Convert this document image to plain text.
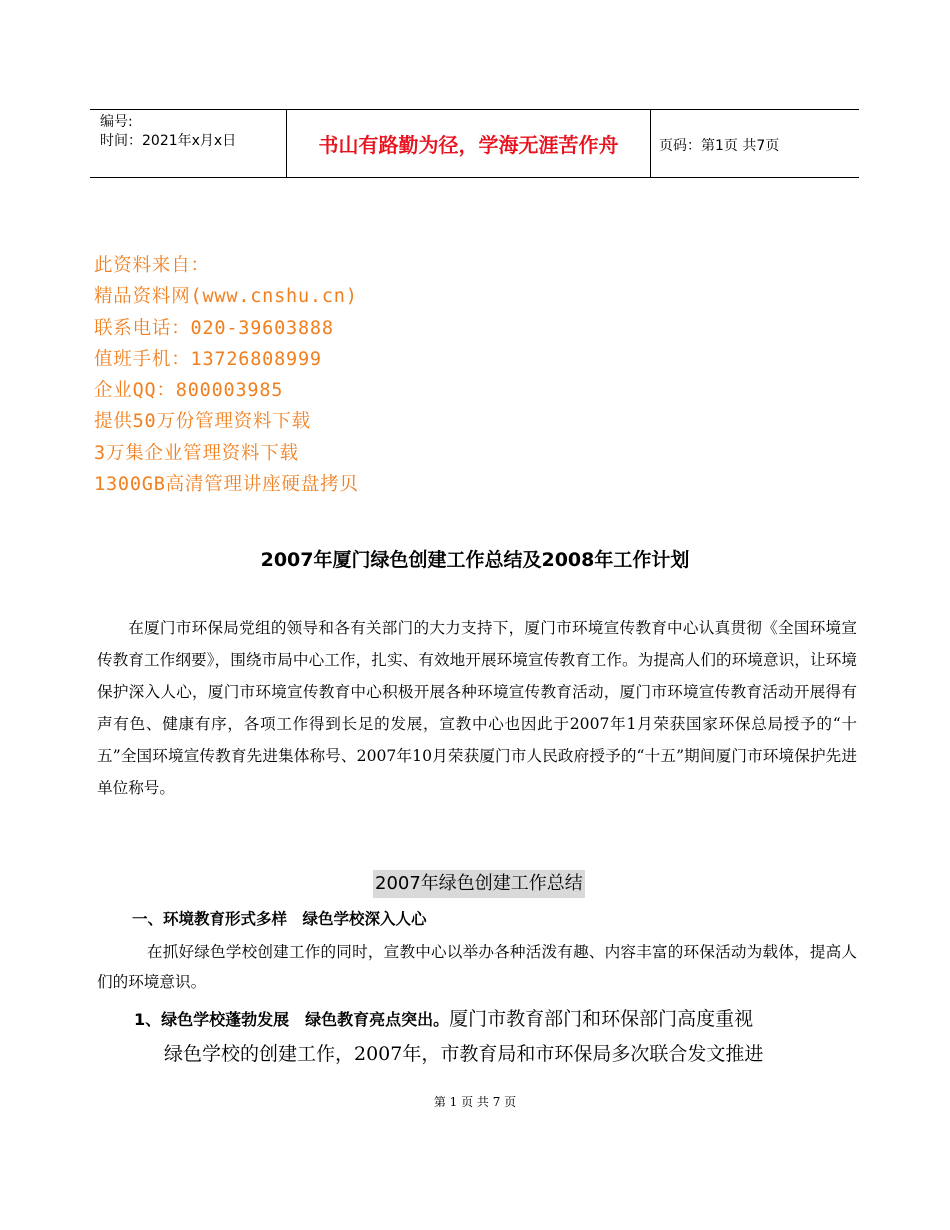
编号:
时间：2021年x月x日	书山有路勤为径，学海无涯苦作舟	页码：第1页 共7页
此资料来自：
精品资料网(www.cnshu.cn)
联系电话：020-39603888
值班手机：13726808999
企业QQ：800003985
提供50万份管理资料下载
3万集企业管理资料下载
1300GB高清管理讲座硬盘拷贝
2007年厦门绿色创建工作总结及2008年工作计划
在厦门市环保局党组的领导和各有关部门的大力支持下，厦门市环境宣传教育中心认真贯彻《全国环境宣传教育工作纲要》，围绕市局中心工作，扎实、有效地开展环境宣传教育工作。为提高人们的环境意识，让环境保护深入人心，厦门市环境宣传教育中心积极开展各种环境宣传教育活动，厦门市环境宣传教育活动开展得有声有色、健康有序，各项工作得到长足的发展，宣教中心也因此于2007年1月荣获国家环保总局授予的“十五”全国环境宣传教育先进集体称号、2007年10月荣获厦门市人民政府授予的“十五”期间厦门市环境保护先进单位称号。
2007年绿色创建工作总结
一、环境教育形式多样　绿色学校深入人心
在抓好绿色学校创建工作的同时，宣教中心以举办各种活泼有趣、内容丰富的环保活动为载体，提高人们的环境意识。
1、绿色学校蓬勃发展　绿色教育亮点突出。厦门市教育部门和环保部门高度重视
绿色学校的创建工作，2007年，市教育局和市环保局多次联合发文推进
第 1 页 共 7 页
